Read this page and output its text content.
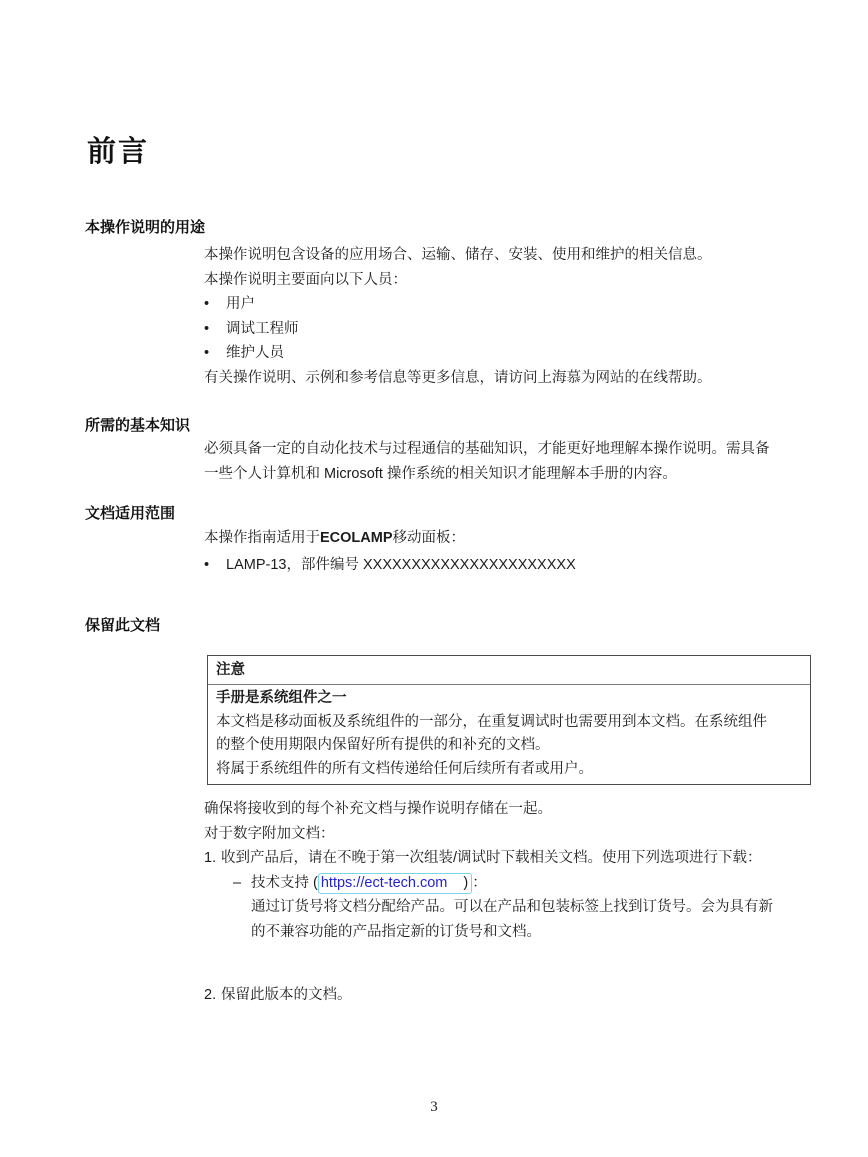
前言
本操作说明的用途
本操作说明包含设备的应用场合、运输、储存、安装、使用和维护的相关信息。
本操作说明主要面向以下人员：
•	用户
•	调试工程师
•	维护人员
有关操作说明、示例和参考信息等更多信息，请访问上海慕为网站的在线帮助。
所需的基本知识
必须具备一定的自动化技术与过程通信的基础知识，才能更好地理解本操作说明。需具备
一些个人计算机和 Microsoft 操作系统的相关知识才能理解本手册的内容。
文档适用范围
本操作指南适用于ECOLAMP移动面板：
•	LAMP-13，部件编号 XXXXXXXXXXXXXXXXXXXXXX
保留此文档
注意
手册是系统组件之一
本文档是移动面板及系统组件的一部分，在重复调试时也需要用到本文档。在系统组件
的整个使用期限内保留好所有提供的和补充的文档。
将属于系统组件的所有文档传递给任何后续所有者或用户。
确保将接收到的每个补充文档与操作说明存储在一起。
对于数字附加文档：
1. 收到产品后，请在不晚于第一次组装/调试时下载相关文档。使用下列选项进行下载：
– 技术支持 ( https://ect-tech.com ) ：
通过订货号将文档分配给产品。可以在产品和包装标签上找到订货号。会为具有新
的不兼容功能的产品指定新的订货号和文档。
2. 保留此版本的文档。
3
